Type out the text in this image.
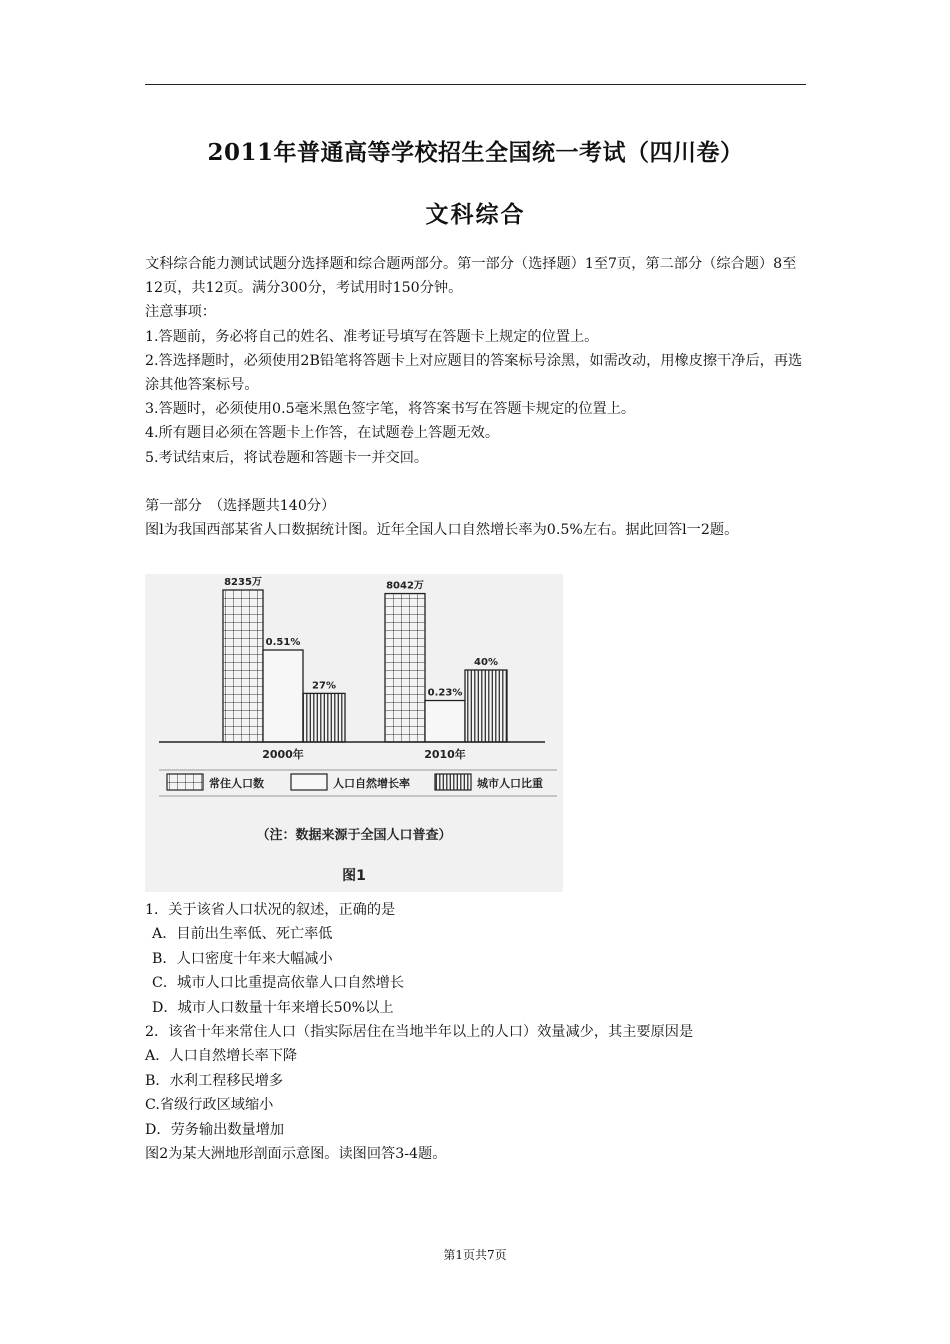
2011年普通高等学校招生全国统一考试（四川卷）
文科综合

文科综合能力测试试题分选择题和综合题两部分。第一部分（选择题）1至7页，第二部分（综合题）8至12页，共12页。满分300分，考试用时150分钟。

注意事项：

1.答题前，务必将自己的姓名、准考证号填写在答题卡上规定的位置上。

2.答选择题时，必须使用2B铅笔将答题卡上对应题目的答案标号涂黑，如需改动，用橡皮擦干净后，再选涂其他答案标号。

3.答题时，必须使用0.5毫米黑色签字笔，将答案书写在答题卡规定的位置上。

4.所有题目必须在答题卡上作答，在试题卷上答题无效。

5.考试结束后，将试卷题和答题卡一并交回。

第一部分　（选择题共140分）

图l为我国西部某省人口数据统计图。近年全国人口自然增长率为0.5%左右。据此回答l一2题。

8235万
0.51%
27%
8042万
0.23%
40%
2000年	2010年
常住人口数	人口自然增长率	城市人口比重
（注：数据来源于全国人口普查）
图1

1．关于该省人口状况的叙述，正确的是

A．目前出生率低、死亡率低

B．人口密度十年来大幅减小

C．城市人口比重提高依靠人口自然增长

D．城市人口数量十年来增长50%以上

2．该省十年来常住人口（指实际居住在当地半年以上的人口）效量减少，其主要原因是

A．人口自然增长率下降

B．水利工程移民增多

C.省级行政区域缩小

D．劳务输出数量增加

图2为某大洲地形剖面示意图。读图回答3-4题。

第1页共7页
